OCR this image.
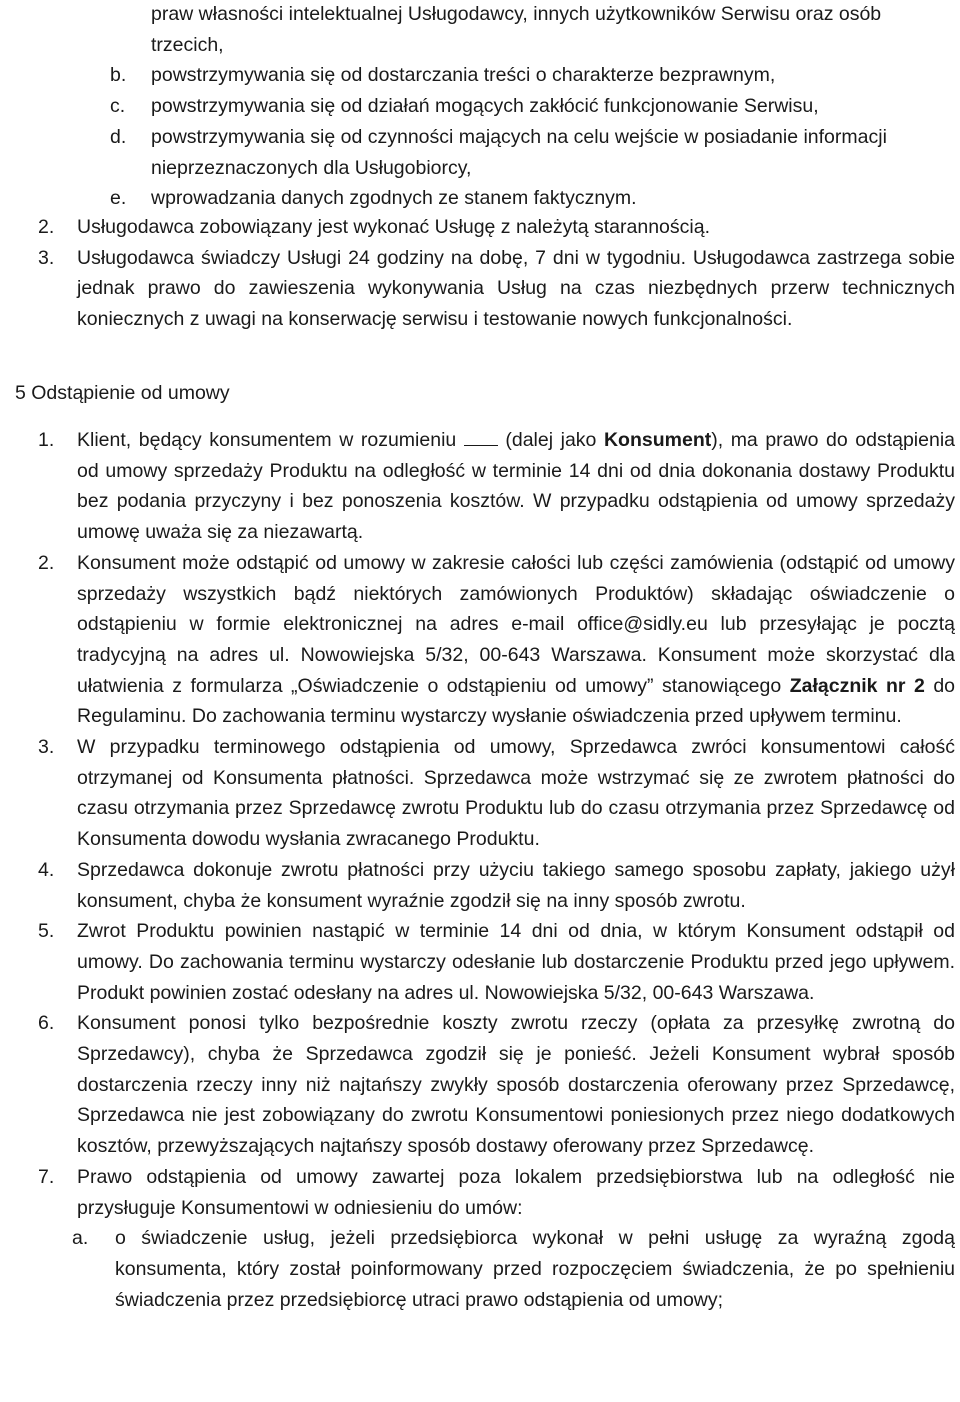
praw własności intelektualnej Usługodawcy, innych użytkowników Serwisu oraz osób trzecich,
b. powstrzymywania się od dostarczania treści o charakterze bezprawnym,
c. powstrzymywania się od działań mogących zakłócić funkcjonowanie Serwisu,
d. powstrzymywania się od czynności mających na celu wejście w posiadanie informacji nieprzeznaczonych dla Usługobiorcy,
e. wprowadzania danych zgodnych ze stanem faktycznym.
2. Usługodawca zobowiązany jest wykonać Usługę z należytą starannością.
3. Usługodawca świadczy Usługi 24 godziny na dobę, 7 dni w tygodniu. Usługodawca zastrzega sobie jednak prawo do zawieszenia wykonywania Usług na czas niezbędnych przerw technicznych koniecznych z uwagi na konserwację serwisu i testowanie nowych funkcjonalności.
5 Odstąpienie od umowy
1. Klient, będący konsumentem w rozumieniu  (dalej jako Konsument), ma prawo do odstąpienia od umowy sprzedaży Produktu na odległość w terminie 14 dni od dnia dokonania dostawy Produktu bez podania przyczyny i bez ponoszenia kosztów. W przypadku odstąpienia od umowy sprzedaży umowę uważa się za niezawartą.
2. Konsument może odstąpić od umowy w zakresie całości lub części zamówienia (odstąpić od umowy sprzedaży wszystkich bądź niektórych zamówionych Produktów) składając oświadczenie o odstąpieniu w formie elektronicznej na adres e-mail office@sidly.eu lub przesyłając je pocztą tradycyjną na adres ul. Nowowiejska 5/32, 00-643 Warszawa. Konsument może skorzystać dla ułatwienia z formularza „Oświadczenie o odstąpieniu od umowy” stanowiącego Załącznik nr 2 do Regulaminu. Do zachowania terminu wystarczy wysłanie oświadczenia przed upływem terminu.
3. W przypadku terminowego odstąpienia od umowy, Sprzedawca zwróci konsumentowi całość otrzymanej od Konsumenta płatności. Sprzedawca może wstrzymać się ze zwrotem płatności do czasu otrzymania przez Sprzedawcę zwrotu Produktu lub do czasu otrzymania przez Sprzedawcę od Konsumenta dowodu wysłania zwracanego Produktu.
4. Sprzedawca dokonuje zwrotu płatności przy użyciu takiego samego sposobu zapłaty, jakiego użył konsument, chyba że konsument wyraźnie zgodził się na inny sposób zwrotu.
5. Zwrot Produktu powinien nastąpić w terminie 14 dni od dnia, w którym Konsument odstąpił od umowy. Do zachowania terminu wystarczy odesłanie lub dostarczenie Produktu przed jego upływem. Produkt powinien zostać odesłany na adres ul. Nowowiejska 5/32, 00-643 Warszawa.
6. Konsument ponosi tylko bezpośrednie koszty zwrotu rzeczy (opłata za przesyłkę zwrotną do Sprzedawcy), chyba że Sprzedawca zgodził się je ponieść. Jeżeli Konsument wybrał sposób dostarczenia rzeczy inny niż najtańszy zwykły sposób dostarczenia oferowany przez Sprzedawcę, Sprzedawca nie jest zobowiązany do zwrotu Konsumentowi poniesionych przez niego dodatkowych kosztów, przewyższających najtańszy sposób dostawy oferowany przez Sprzedawcę.
7. Prawo odstąpienia od umowy zawartej poza lokalem przedsiębiorstwa lub na odległość nie przysługuje Konsumentowi w odniesieniu do umów:
a.	o świadczenie usług, jeżeli przedsiębiorca wykonał w pełni usługę za wyraźną zgodą konsumenta, który został poinformowany przed rozpoczęciem świadczenia, że po spełnieniu świadczenia przez przedsiębiorcę utraci prawo odstąpienia od umowy;
